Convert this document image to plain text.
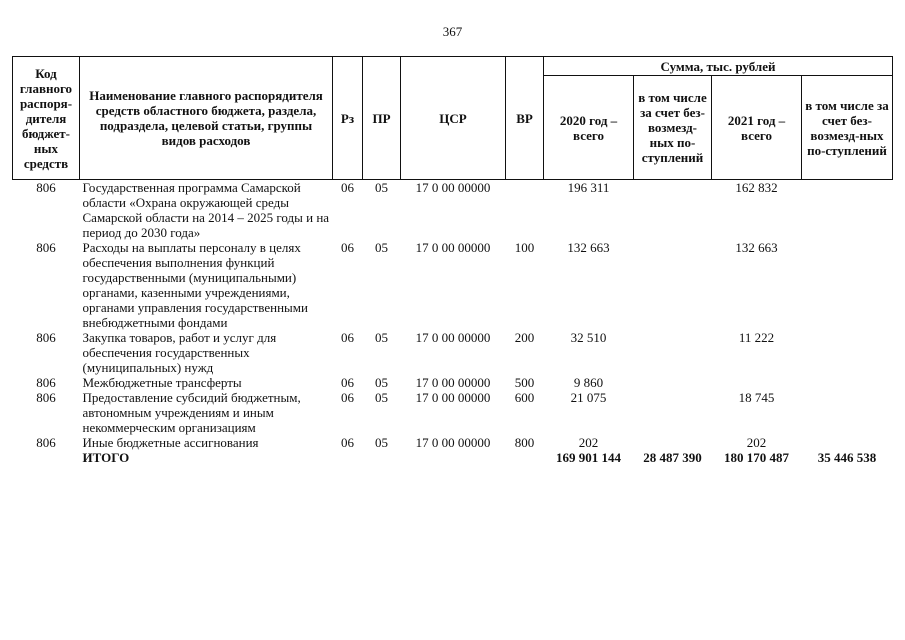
367
Код главного распоря-дителя бюджет-ных средств	Наименование главного распорядителя средств областного бюджета, раздела, подраздела, целевой статьи, группы видов расходов	Рз	ПР	ЦСР	ВР	Сумма, тыс. рублей			
						2020 год – всего	в том числе за счет без-возмезд-ных по-ступлений	2021 год – всего	в том числе за счет без-возмезд-ных по-ступлений
806	Государственная программа Самарской области «Охрана окружающей среды Самарской области на 2014 – 2025 годы и на период до 2030 года»	06	05	17 0 00 00000		196 311		162 832	
806	Расходы на выплаты персоналу в целях обеспечения выполнения функций государственными (муниципальными) органами, казенными учреждениями, органами управления государственными внебюджетными фондами	06	05	17 0 00 00000	100	132 663		132 663	
806	Закупка товаров, работ и услуг для обеспечения государственных (муниципальных) нужд	06	05	17 0 00 00000	200	32 510		11 222	
806	Межбюджетные трансферты	06	05	17 0 00 00000	500	9 860			
806	Предоставление субсидий бюджетным, автономным учреждениям и иным некоммерческим организациям	06	05	17 0 00 00000	600	21 075		18 745	
806	Иные бюджетные ассигнования	06	05	17 0 00 00000	800	202		202	
	ИТОГО					169 901 144	28 487 390	180 170 487	35 446 538
